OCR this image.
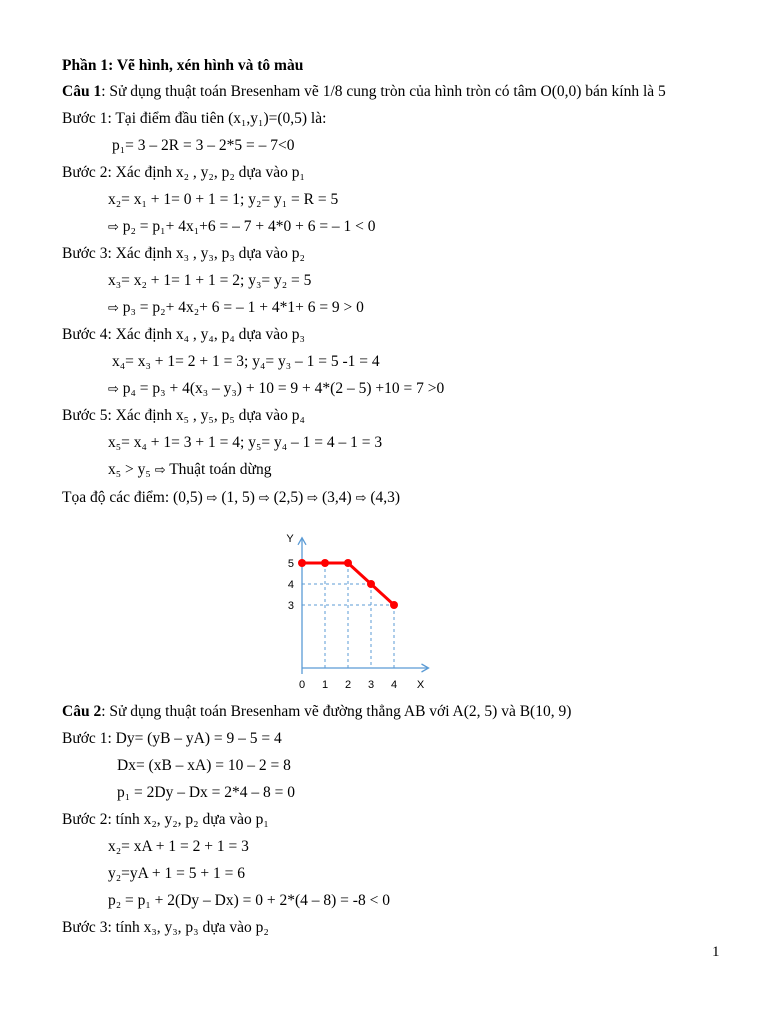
Phần 1: Vẽ hình, xén hình và tô màu
Câu 1: Sử dụng thuật toán Bresenham vẽ 1/8 cung tròn của hình tròn có tâm O(0,0) bán kính là 5
Bước 1: Tại điểm đầu tiên (x₁,y₁)=(0,5) là:
p₁= 3 – 2R = 3 – 2*5 = – 7<0
Bước 2: Xác định x₂ , y₂, p₂ dựa vào p₁
x₂= x₁ + 1= 0 + 1 = 1; y₂= y₁ = R = 5
⇨ p₂ = p₁+ 4x₁+6 = – 7 + 4*0 + 6 = – 1 < 0
Bước 3: Xác định x₃ , y₃, p₃ dựa vào p₂
x₃= x₂ + 1= 1 + 1 = 2; y₃= y₂ = 5
⇨ p₃ = p₂+ 4x₂+ 6 = – 1 + 4*1+ 6 = 9 > 0
Bước 4: Xác định x₄ , y₄, p₄ dựa vào p₃
x₄= x₃ + 1= 2 + 1 = 3; y₄= y₃ – 1 = 5 -1 = 4
⇨ p₄ = p₃ + 4(x₃ – y₃) + 10 = 9 + 4*(2 – 5) +10 = 7 >0
Bước 5: Xác định x₅ , y₅, p₅ dựa vào p₄
x₅= x₄ + 1= 3 + 1 = 4; y₅= y₄ – 1 = 4 – 1 = 3
x₅ > y₅ ⇨ Thuật toán dừng
Tọa độ các điểm: (0,5) ⇨ (1, 5) ⇨ (2,5) ⇨ (3,4) ⇨ (4,3)
0 1 2 3 4
5
4
3
X
Y
Câu 2: Sử dụng thuật toán Bresenham vẽ đường thẳng AB với A(2, 5) và B(10, 9)
Bước 1: Dy= (yB – yA) = 9 – 5 = 4
Dx= (xB – xA) = 10 – 2 = 8
p₁ = 2Dy – Dx = 2*4 – 8 = 0
Bước 2: tính x₂, y₂, p₂ dựa vào p₁
x₂= xA + 1 = 2 + 1 = 3
y₂=yA + 1 = 5 + 1 = 6
p₂ = p₁ + 2(Dy – Dx) = 0 + 2*(4 – 8) = -8 < 0
Bước 3: tính x₃, y₃, p₃ dựa vào p₂
1
